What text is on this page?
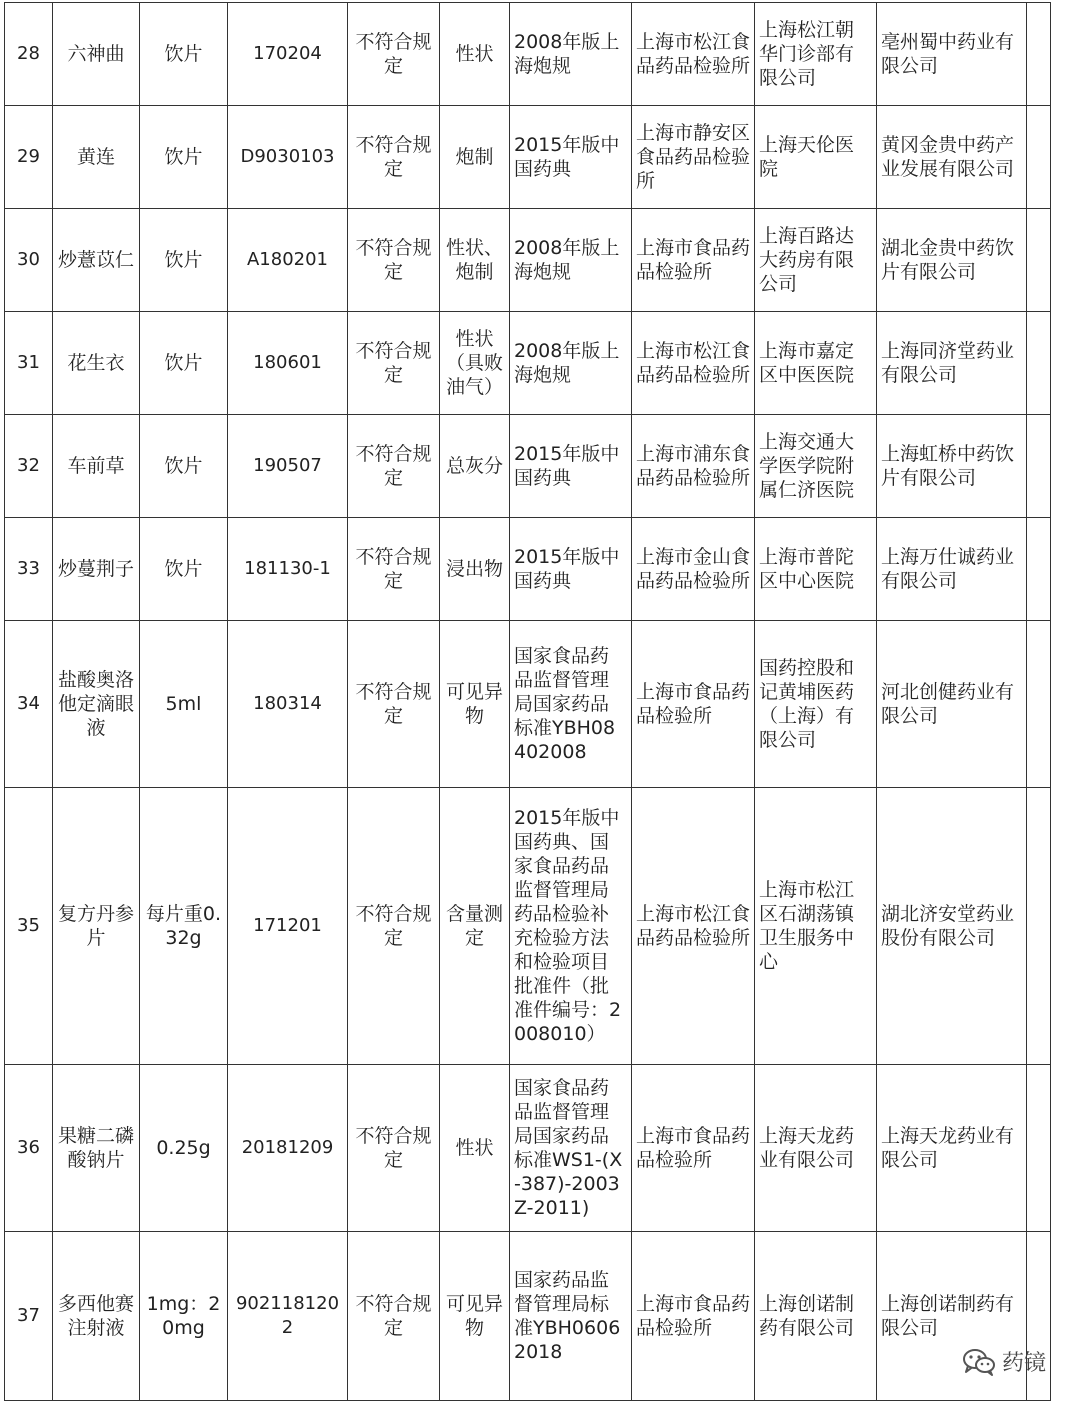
28	六神曲	饮片	170204	不符合规定	性状	2008年版上海炮规	上海市松江食品药品检验所	上海松江朝华门诊部有限公司	亳州蜀中药业有限公司	
29	黄连	饮片	D9030103	不符合规定	炮制	2015年版中国药典	上海市静安区食品药品检验所	上海天伦医院	黄冈金贵中药产业发展有限公司	
30	炒薏苡仁	饮片	A180201	不符合规定	性状、炮制	2008年版上海炮规	上海市食品药品检验所	上海百路达大药房有限公司	湖北金贵中药饮片有限公司	
31	花生衣	饮片	180601	不符合规定	性状（具败油气）	2008年版上海炮规	上海市松江食品药品检验所	上海市嘉定区中医医院	上海同济堂药业有限公司	
32	车前草	饮片	190507	不符合规定	总灰分	2015年版中国药典	上海市浦东食品药品检验所	上海交通大学医学院附属仁济医院	上海虹桥中药饮片有限公司	
33	炒蔓荆子	饮片	181130-1	不符合规定	浸出物	2015年版中国药典	上海市金山食品药品检验所	上海市普陀区中心医院	上海万仕诚药业有限公司	
34	盐酸奥洛他定滴眼液	5ml	180314	不符合规定	可见异物	国家食品药品监督管理局国家药品标准YBH08402008	上海市食品药品检验所	国药控股和记黄埔医药（上海）有限公司	河北创健药业有限公司	
35	复方丹参片	每片重0.32g	171201	不符合规定	含量测定	2015年版中国药典、国家食品药品监督管理局药品检验补充检验方法和检验项目批准件（批准件编号：2008010）	上海市松江食品药品检验所	上海市松江区石湖荡镇卫生服务中心	湖北济安堂药业股份有限公司	
36	果糖二磷酸钠片	0.25g	20181209	不符合规定	性状	国家食品药品监督管理局国家药品标准WS1-(X-387)-2003Z-2011)	上海市食品药品检验所	上海天龙药业有限公司	上海天龙药业有限公司	
37	多西他赛注射液	1mg：20mg	9021181202	不符合规定	可见异物	国家药品监督管理局标准YBH06062018	上海市食品药品检验所	上海创诺制药有限公司	上海创诺制药有限公司	
药镜
